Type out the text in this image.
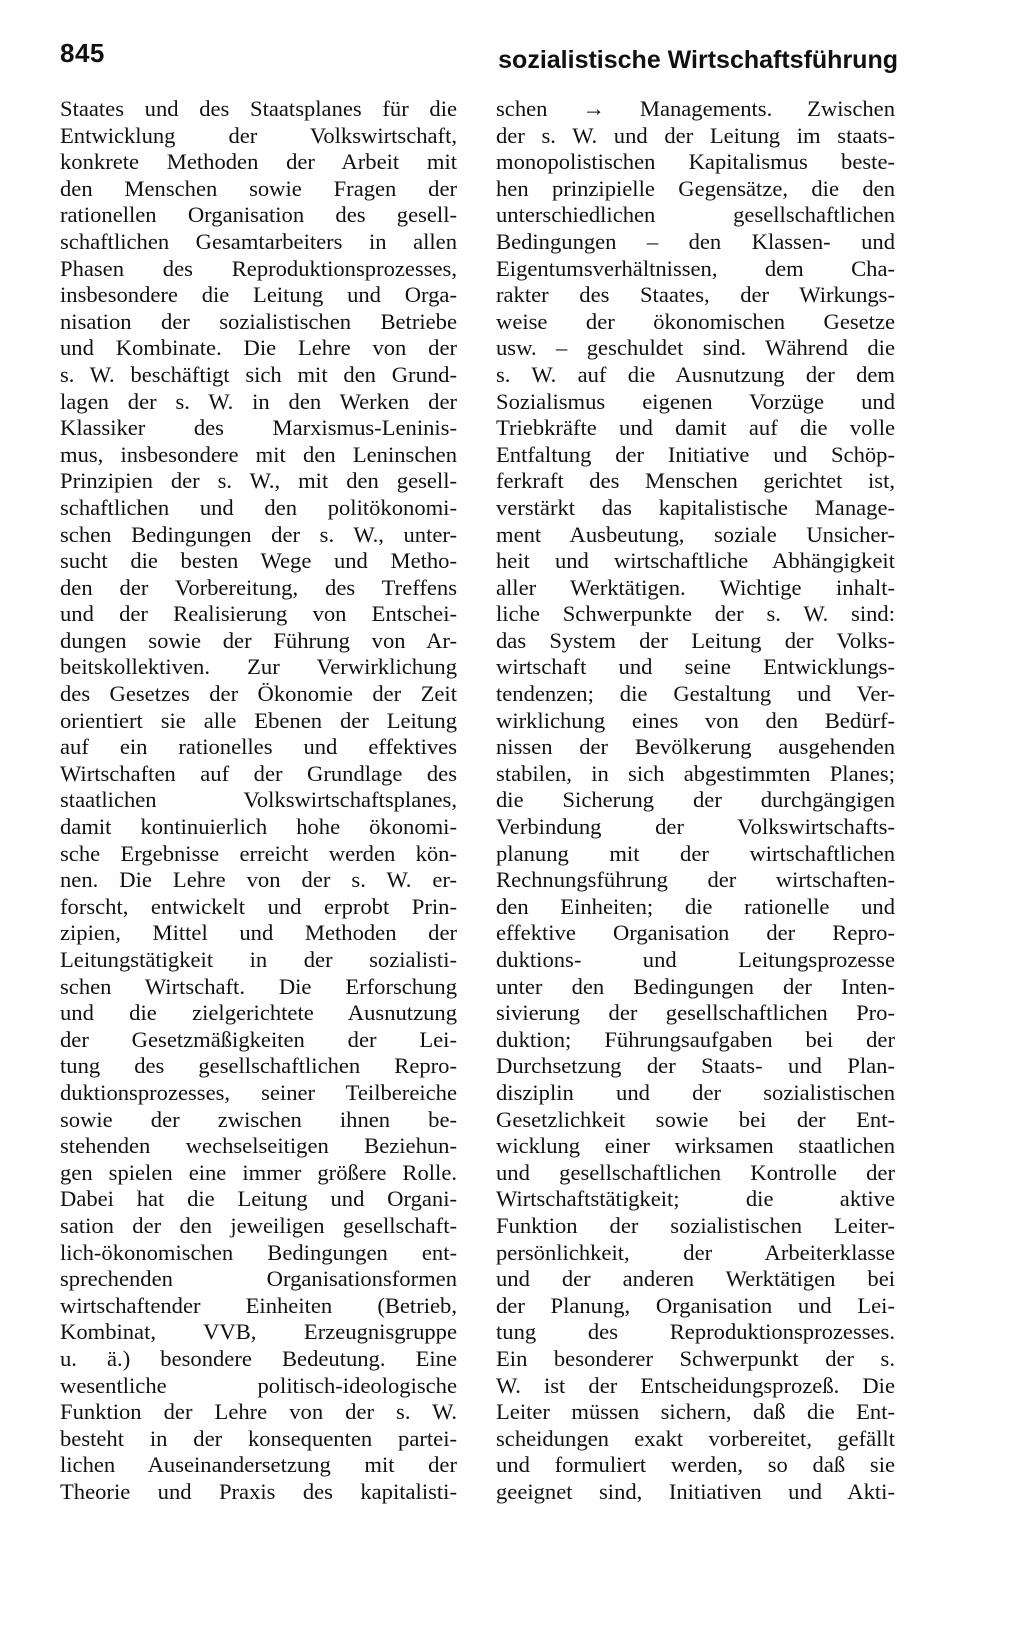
845	sozialistische Wirtschaftsführung
Staates und des Staatsplanes für die
Entwicklung der Volkswirtschaft,
konkrete Methoden der Arbeit mit
den Menschen sowie Fragen der
rationellen Organisation des gesell-
schaftlichen Gesamtarbeiters in allen
Phasen des Reproduktionsprozesses,
insbesondere die Leitung und Orga-
nisation der sozialistischen Betriebe
und Kombinate. Die Lehre von der
s. W. beschäftigt sich mit den Grund-
lagen der s. W. in den Werken der
Klassiker des Marxismus-Leninis-
mus, insbesondere mit den Leninschen
Prinzipien der s. W., mit den gesell-
schaftlichen und den politökonomi-
schen Bedingungen der s. W., unter-
sucht die besten Wege und Metho-
den der Vorbereitung, des Treffens
und der Realisierung von Entschei-
dungen sowie der Führung von Ar-
beitskollektiven. Zur Verwirklichung
des Gesetzes der Ökonomie der Zeit
orientiert sie alle Ebenen der Leitung
auf ein rationelles und effektives
Wirtschaften auf der Grundlage des
staatlichen Volkswirtschaftsplanes,
damit kontinuierlich hohe ökonomi-
sche Ergebnisse erreicht werden kön-
nen. Die Lehre von der s. W. er-
forscht, entwickelt und erprobt Prin-
zipien, Mittel und Methoden der
Leitungstätigkeit in der sozialisti-
schen Wirtschaft. Die Erforschung
und die zielgerichtete Ausnutzung
der Gesetzmäßigkeiten der Lei-
tung des gesellschaftlichen Repro-
duktionsprozesses, seiner Teilbereiche
sowie der zwischen ihnen be-
stehenden wechselseitigen Beziehun-
gen spielen eine immer größere Rolle.
Dabei hat die Leitung und Organi-
sation der den jeweiligen gesellschaft-
lich-ökonomischen Bedingungen ent-
sprechenden Organisationsformen
wirtschaftender Einheiten (Betrieb,
Kombinat, VVB, Erzeugnisgruppe
u. ä.) besondere Bedeutung. Eine
wesentliche politisch-ideologische
Funktion der Lehre von der s. W.
besteht in der konsequenten partei-
lichen Auseinandersetzung mit der
Theorie und Praxis des kapitalisti-
schen → Managements. Zwischen
der s. W. und der Leitung im staats-
monopolistischen Kapitalismus beste-
hen prinzipielle Gegensätze, die den
unterschiedlichen gesellschaftlichen
Bedingungen – den Klassen- und
Eigentumsverhältnissen, dem Cha-
rakter des Staates, der Wirkungs-
weise der ökonomischen Gesetze
usw. – geschuldet sind. Während die
s. W. auf die Ausnutzung der dem
Sozialismus eigenen Vorzüge und
Triebkräfte und damit auf die volle
Entfaltung der Initiative und Schöp-
ferkraft des Menschen gerichtet ist,
verstärkt das kapitalistische Manage-
ment Ausbeutung, soziale Unsicher-
heit und wirtschaftliche Abhängigkeit
aller Werktätigen. Wichtige inhalt-
liche Schwerpunkte der s. W. sind:
das System der Leitung der Volks-
wirtschaft und seine Entwicklungs-
tendenzen; die Gestaltung und Ver-
wirklichung eines von den Bedürf-
nissen der Bevölkerung ausgehenden
stabilen, in sich abgestimmten Planes;
die Sicherung der durchgängigen
Verbindung der Volkswirtschafts-
planung mit der wirtschaftlichen
Rechnungsführung der wirtschaften-
den Einheiten; die rationelle und
effektive Organisation der Repro-
duktions- und Leitungsprozesse
unter den Bedingungen der Inten-
sivierung der gesellschaftlichen Pro-
duktion; Führungsaufgaben bei der
Durchsetzung der Staats- und Plan-
disziplin und der sozialistischen
Gesetzlichkeit sowie bei der Ent-
wicklung einer wirksamen staatlichen
und gesellschaftlichen Kontrolle der
Wirtschaftstätigkeit; die aktive
Funktion der sozialistischen Leiter-
persönlichkeit, der Arbeiterklasse
und der anderen Werktätigen bei
der Planung, Organisation und Lei-
tung des Reproduktionsprozesses.
Ein besonderer Schwerpunkt der s.
W. ist der Entscheidungsprozeß. Die
Leiter müssen sichern, daß die Ent-
scheidungen exakt vorbereitet, gefällt
und formuliert werden, so daß sie
geeignet sind, Initiativen und Akti-
